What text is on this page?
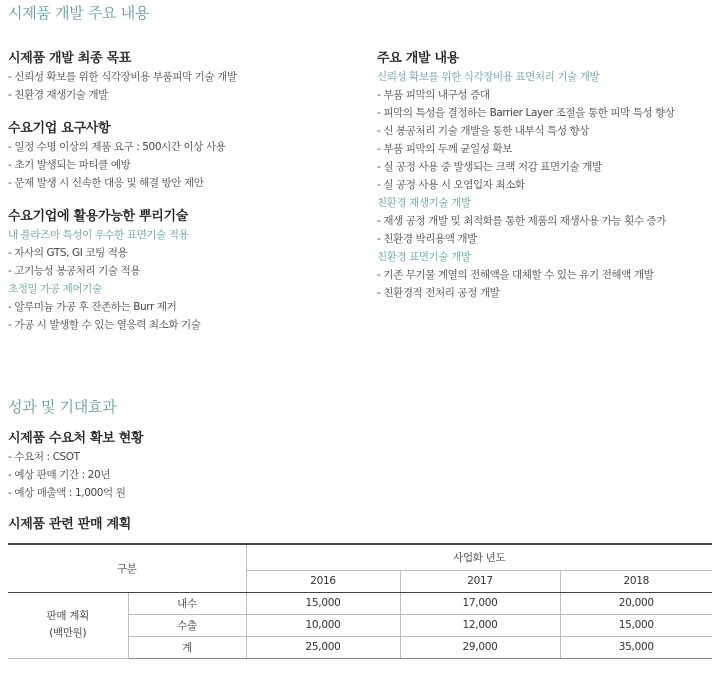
시제품 개발 주요 내용
시제품 개발 최종 목표
- 신뢰성 확보를 위한 식각장비용 부품피막 기술 개발
- 친환경 재생기술 개발
수요기업 요구사항
- 일정 수명 이상의 제품 요구 : 500시간 이상 사용
- 초기 발생되는 파티클 예방
- 문제 발생 시 신속한 대응 및 해결 방안 제안
수요기업에 활용가능한 뿌리기술
내 플라즈마 특성이 우수한 표면기술 적용
- 자사의 GTS, GI 코팅 적용
- 고기능성 봉공처리 기술 적용
초정밀 가공 제어기술
- 알루미늄 가공 후 잔존하는 Burr 제거
- 가공 시 발생할 수 있는 열응력 최소화 기술
주요 개발 내용
신뢰성 확보를 위한 식각장비용 표면처리 기술 개발
- 부품 피막의 내구성 증대
- 피막의 특성을 결정하는 Barrier Layer 조절을 통한 피막 특성 향상
- 신 봉공처리 기술 개발을 통한 내부식 특성 향상
- 부품 피막의 두께 균일성 확보
- 실 공정 사용 중 발생되는 크랙 저감 표면기술 개발
- 실 공정 사용 시 오염입자 최소화
친환경 재생기술 개발
- 재생 공정 개발 및 최적화를 통한 제품의 재생사용 가능 횟수 증가
- 친환경 박리용액 개발
친환경 표면기술 개발
- 기존 무기물 계열의 전해액을 대체할 수 있는 유기 전해액 개발
- 친환경적 전처리 공정 개발
성과 및 기대효과
시제품 수요처 확보 현황
- 수요처 : CSOT
- 예상 판매 기간 : 20년
- 예상 매출액 : 1,000억 원
시제품 관련 판매 계획
구분		사업화 년도		
		2016	2017	2018
판매 계획
(백만원)	내수	15,000	17,000	20,000
	수출	10,000	12,000	15,000
	계	25,000	29,000	35,000
